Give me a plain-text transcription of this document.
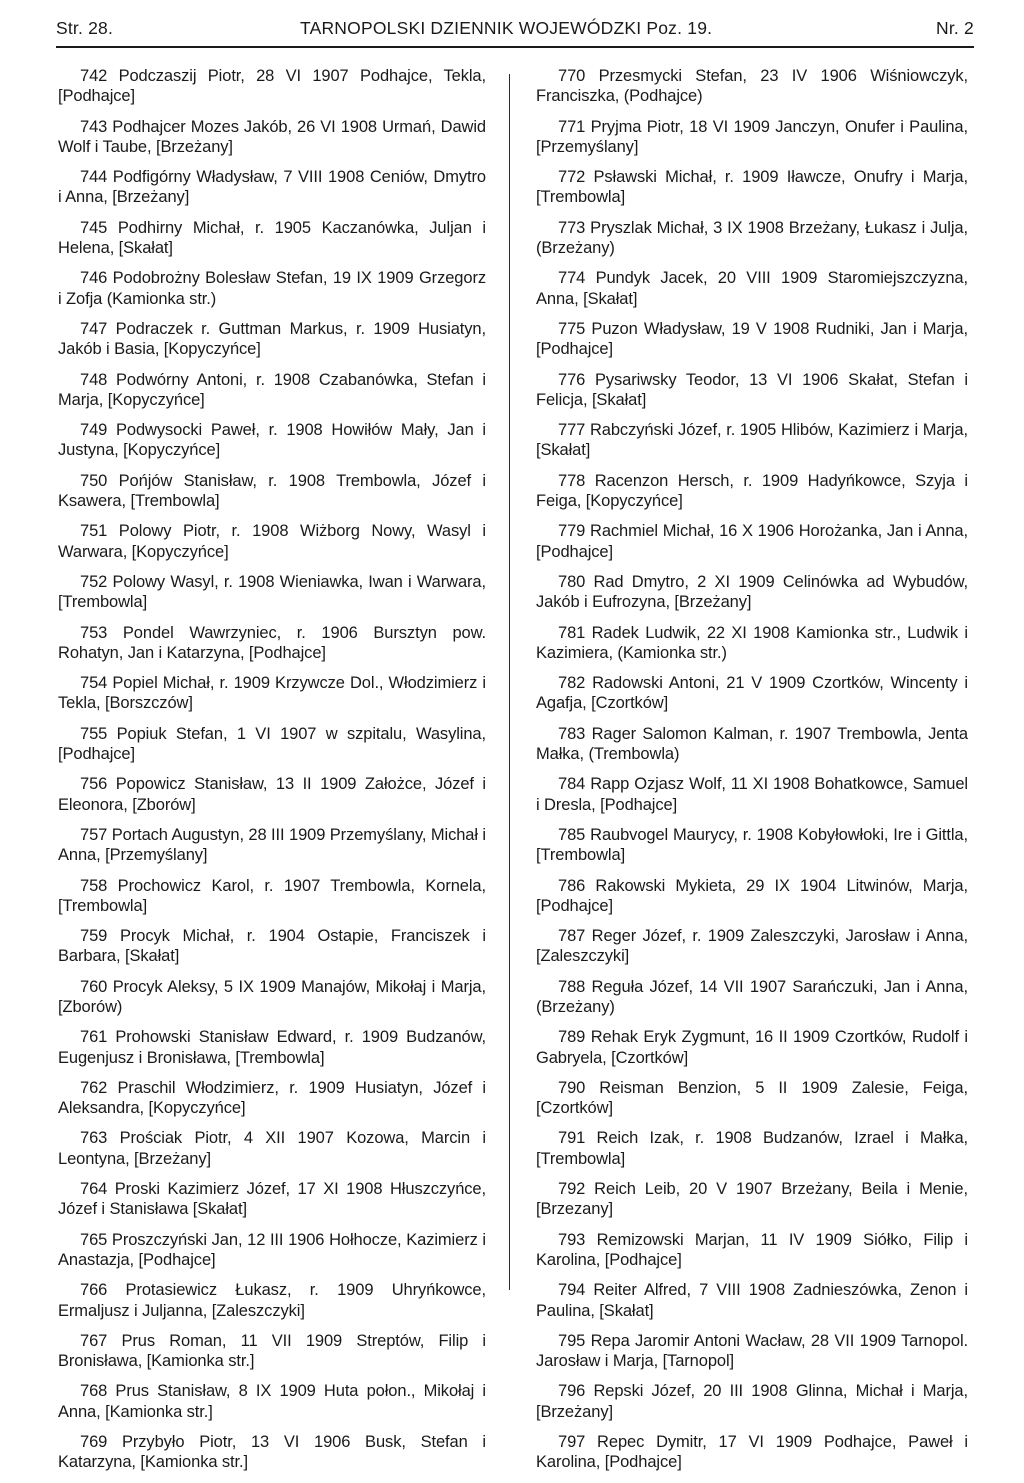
Str. 28.	TARNOPOLSKI DZIENNIK WOJEWÓDZKI Poz. 19.	Nr. 2

742 Podczaszij Piotr, 28 VI 1907 Podhajce, Tekla, [Podhajce]

743 Podhajcer Mozes Jakób, 26 VI 1908 Urmań, Dawid Wolf i Taube, [Brzeżany]

744 Podfigórny Władysław, 7 VIII 1908 Ceniów, Dmytro i Anna, [Brzeżany]

745 Podhirny Michał, r. 1905 Kaczanówka, Juljan i Helena, [Skałat]

746 Podobrożny Bolesław Stefan, 19 IX 1909 Grzegorz i Zofja (Kamionka str.)

747 Podraczek r. Guttman Markus, r. 1909 Husiatyn, Jakób i Basia, [Kopyczyńce]

748 Podwórny Antoni, r. 1908 Czabanówka, Stefan i Marja, [Kopyczyńce]

749 Podwysocki Paweł, r. 1908 Howiłów Mały, Jan i Justyna, [Kopyczyńce]

750 Pońjów Stanisław, r. 1908 Trembowla, Józef i Ksawera, [Trembowla]

751 Polowy Piotr, r. 1908 Wiżborg Nowy, Wasyl i Warwara, [Kopyczyńce]

752 Polowy Wasyl, r. 1908 Wieniawka, Iwan i Warwara, [Trembowla]

753 Pondel Wawrzyniec, r. 1906 Bursztyn pow. Rohatyn, Jan i Katarzyna, [Podhajce]

754 Popiel Michał, r. 1909 Krzywcze Dol., Włodzimierz i Tekla, [Borszczów]

755 Popiuk Stefan, 1 VI 1907 w szpitalu, Wasylina, [Podhajce]

756 Popowicz Stanisław, 13 II 1909 Założce, Józef i Eleonora, [Zborów]

757 Portach Augustyn, 28 III 1909 Przemyślany, Michał i Anna, [Przemyślany]

758 Prochowicz Karol, r. 1907 Trembowla, Kornela, [Trembowla]

759 Procyk Michał, r. 1904 Ostapie, Franciszek i Barbara, [Skałat]

760 Procyk Aleksy, 5 IX 1909 Manajów, Mikołaj i Marja, [Zborów)

761 Prohowski Stanisław Edward, r. 1909 Budzanów, Eugenjusz i Bronisława, [Trembowla]

762 Praschil Włodzimierz, r. 1909 Husiatyn, Józef i Aleksandra, [Kopyczyńce]

763 Prościak Piotr, 4 XII 1907 Kozowa, Marcin i Leontyna, [Brzeżany]

764 Proski Kazimierz Józef, 17 XI 1908 Hłuszczyńce, Józef i Stanisława [Skałat]

765 Proszczyński Jan, 12 III 1906 Hołhocze, Kazimierz i Anastazja, [Podhajce]

766 Protasiewicz Łukasz, r. 1909 Uhryńkowce, Ermaljusz i Juljanna, [Zaleszczyki]

767 Prus Roman, 11 VII 1909 Streptów, Filip i Bronisława, [Kamionka str.]

768 Prus Stanisław, 8 IX 1909 Huta połon., Mikołaj i Anna, [Kamionka str.]

769 Przybyło Piotr, 13 VI 1906 Busk, Stefan i Katarzyna, [Kamionka str.]

770 Przesmycki Stefan, 23 IV 1906 Wiśniowczyk, Franciszka, (Podhajce)

771 Pryjma Piotr, 18 VI 1909 Janczyn, Onufer i Paulina, [Przemyślany]

772 Psławski Michał, r. 1909 Iławcze, Onufry i Marja, [Trembowla]

773 Pryszlak Michał, 3 IX 1908 Brzeżany, Łukasz i Julja, (Brzeżany)

774 Pundyk Jacek, 20 VIII 1909 Staromiejszczyzna, Anna, [Skałat]

775 Puzon Władysław, 19 V 1908 Rudniki, Jan i Marja, [Podhajce]

776 Pysariwsky Teodor, 13 VI 1906 Skałat, Stefan i Felicja, [Skałat]

777 Rabczyński Józef, r. 1905 Hlibów, Kazimierz i Marja, [Skałat]

778 Racenzon Hersch, r. 1909 Hadyńkowce, Szyja i Feiga, [Kopyczyńce]

779 Rachmiel Michał, 16 X 1906 Horożanka, Jan i Anna, [Podhajce]

780 Rad Dmytro, 2 XI 1909 Celinówka ad Wybudów, Jakób i Eufrozyna, [Brzeżany]

781 Radek Ludwik, 22 XI 1908 Kamionka str., Ludwik i Kazimiera, (Kamionka str.)

782 Radowski Antoni, 21 V 1909 Czortków, Wincenty i Agafja, [Czortków]

783 Rager Salomon Kalman, r. 1907 Trembowla, Jenta Małka, (Trembowla)

784 Rapp Ozjasz Wolf, 11 XI 1908 Bohatkowce, Samuel i Dresla, [Podhajce]

785 Raubvogel Maurycy, r. 1908 Kobyłowłoki, Ire i Gittla, [Trembowla]

786 Rakowski Mykieta, 29 IX 1904 Litwinów, Marja, [Podhajce]

787 Reger Józef, r. 1909 Zaleszczyki, Jarosław i Anna, [Zaleszczyki]

788 Reguła Józef, 14 VII 1907 Sarańczuki, Jan i Anna, (Brzeżany)

789 Rehak Eryk Zygmunt, 16 II 1909 Czortków, Rudolf i Gabryela, [Czortków]

790 Reisman Benzion, 5 II 1909 Zalesie, Feiga, [Czortków]

791 Reich Izak, r. 1908 Budzanów, Izrael i Małka, [Trembowla]

792 Reich Leib, 20 V 1907 Brzeżany, Beila i Menie, [Brzezany]

793 Remizowski Marjan, 11 IV 1909 Siółko, Filip i Karolina, [Podhajce]

794 Reiter Alfred, 7 VIII 1908 Zadnieszówka, Zenon i Paulina, [Skałat]

795 Repa Jaromir Antoni Wacław, 28 VII 1909 Tarnopol. Jarosław i Marja, [Tarnopol]

796 Repski Józef, 20 III 1908 Glinna, Michał i Marja, [Brzeżany]

797 Repec Dymitr, 17 VI 1909 Podhajce, Paweł i Karolina, [Podhajce]
